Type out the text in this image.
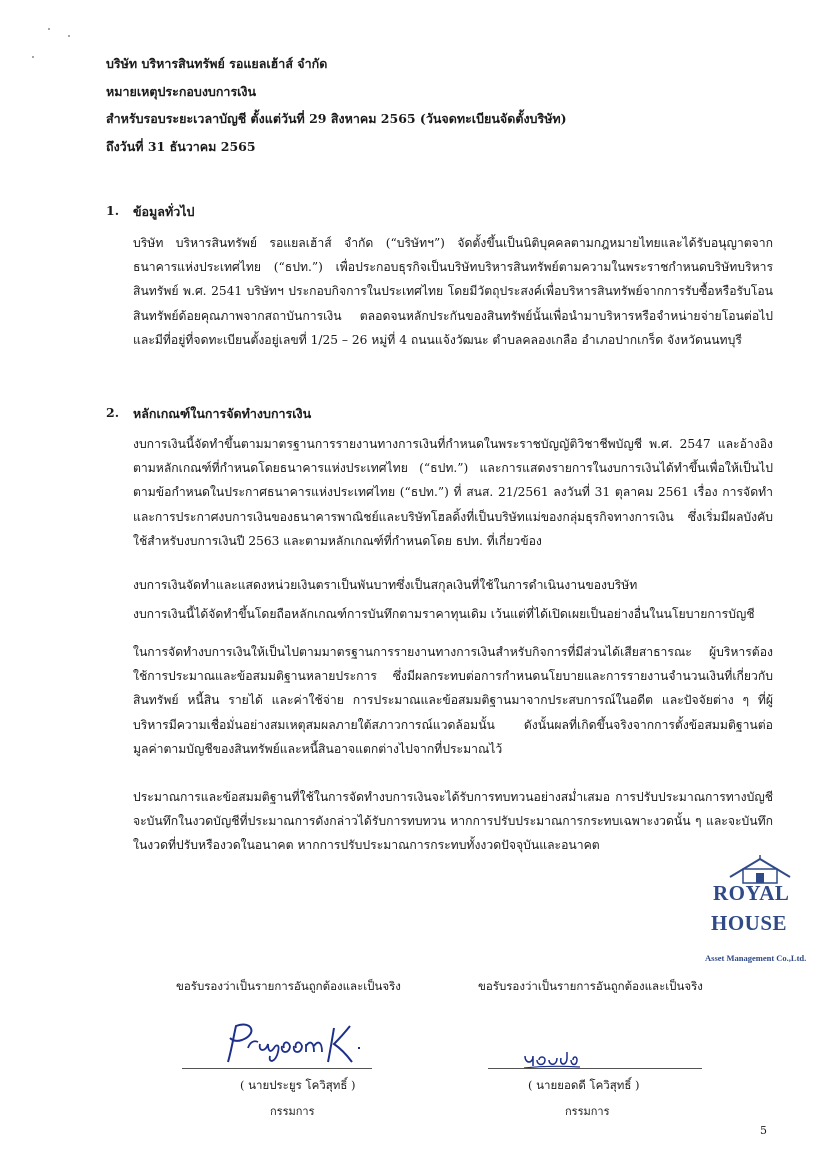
บริษัท บริหารสินทรัพย์ รอแยลเฮ้าส์ จำกัด
หมายเหตุประกอบงบการเงิน
สำหรับรอบระยะเวลาบัญชี ตั้งแต่วันที่ 29 สิงหาคม 2565 (วันจดทะเบียนจัดตั้งบริษัท)
ถึงวันที่ 31 ธันวาคม 2565
1. ข้อมูลทั่วไป
บริษัท บริหารสินทรัพย์ รอแยลเฮ้าส์ จำกัด (“บริษัทฯ”) จัดตั้งขึ้นเป็นนิติบุคคลตามกฎหมายไทยและได้รับอนุญาตจากธนาคารแห่งประเทศไทย (“ธปท.”) เพื่อประกอบธุรกิจเป็นบริษัทบริหารสินทรัพย์ตามความในพระราชกำหนดบริษัทบริหารสินทรัพย์ พ.ศ. 2541 บริษัทฯ ประกอบกิจการในประเทศไทย โดยมีวัตถุประสงค์เพื่อบริหารสินทรัพย์จากการรับซื้อหรือรับโอนสินทรัพย์ด้อยคุณภาพจากสถาบันการเงิน ตลอดจนหลักประกันของสินทรัพย์นั้นเพื่อนำมาบริหารหรือจำหน่ายจ่ายโอนต่อไป และมีที่อยู่ที่จดทะเบียนตั้งอยู่เลขที่ 1/25 – 26 หมู่ที่ 4 ถนนแจ้งวัฒนะ ตำบลคลองเกลือ อำเภอปากเกร็ด จังหวัดนนทบุรี
2. หลักเกณฑ์ในการจัดทำงบการเงิน
งบการเงินนี้จัดทำขึ้นตามมาตรฐานการรายงานทางการเงินที่กำหนดในพระราชบัญญัติวิชาชีพบัญชี พ.ศ. 2547 และอ้างอิงตามหลักเกณฑ์ที่กำหนดโดยธนาคารแห่งประเทศไทย (“ธปท.”) และการแสดงรายการในงบการเงินได้ทำขึ้นเพื่อให้เป็นไปตามข้อกำหนดในประกาศธนาคารแห่งประเทศไทย (“ธปท.”) ที่ สนส. 21/2561 ลงวันที่ 31 ตุลาคม 2561 เรื่อง การจัดทำและการประกาศงบการเงินของธนาคารพาณิชย์และบริษัทโฮลดิ้งที่เป็นบริษัทแม่ของกลุ่มธุรกิจทางการเงิน ซึ่งเริ่มมีผลบังคับใช้สำหรับงบการเงินปี 2563 และตามหลักเกณฑ์ที่กำหนดโดย ธปท. ที่เกี่ยวข้อง
งบการเงินจัดทำและแสดงหน่วยเงินตราเป็นพันบาทซึ่งเป็นสกุลเงินที่ใช้ในการดำเนินงานของบริษัท
งบการเงินนี้ได้จัดทำขึ้นโดยถือหลักเกณฑ์การบันทึกตามราคาทุนเดิม เว้นแต่ที่ได้เปิดเผยเป็นอย่างอื่นในนโยบายการบัญชี
ในการจัดทำงบการเงินให้เป็นไปตามมาตรฐานการรายงานทางการเงินสำหรับกิจการที่มีส่วนได้เสียสาธารณะ ผู้บริหารต้องใช้การประมาณและข้อสมมติฐานหลายประการ ซึ่งมีผลกระทบต่อการกำหนดนโยบายและการรายงานจำนวนเงินที่เกี่ยวกับสินทรัพย์ หนี้สิน รายได้ และค่าใช้จ่าย การประมาณและข้อสมมติฐานมาจากประสบการณ์ในอดีต และปัจจัยต่าง ๆ ที่ผู้บริหารมีความเชื่อมั่นอย่างสมเหตุสมผลภายใต้สภาวการณ์แวดล้อมนั้น ดังนั้นผลที่เกิดขึ้นจริงจากการตั้งข้อสมมติฐานต่อมูลค่าตามบัญชีของสินทรัพย์และหนี้สินอาจแตกต่างไปจากที่ประมาณไว้
ประมาณการและข้อสมมติฐานที่ใช้ในการจัดทำงบการเงินจะได้รับการทบทวนอย่างสม่ำเสมอ การปรับประมาณการทางบัญชีจะบันทึกในงวดบัญชีที่ประมาณการดังกล่าวได้รับการทบทวน หากการปรับประมาณการกระทบเฉพาะงวดนั้น ๆ และจะบันทึกในงวดที่ปรับหรืองวดในอนาคต หากการปรับประมาณการกระทบทั้งงวดปัจจุบันและอนาคต
ROYAL
HOUSE
Asset Management Co.,Ltd.
ขอรับรองว่าเป็นรายการอันถูกต้องและเป็นจริง	ขอรับรองว่าเป็นรายการอันถูกต้องและเป็นจริง
( นายประยูร โควิสุทธิ์ )	( นายยอดดี โควิสุทธิ์ )
กรรมการ	กรรมการ
5
